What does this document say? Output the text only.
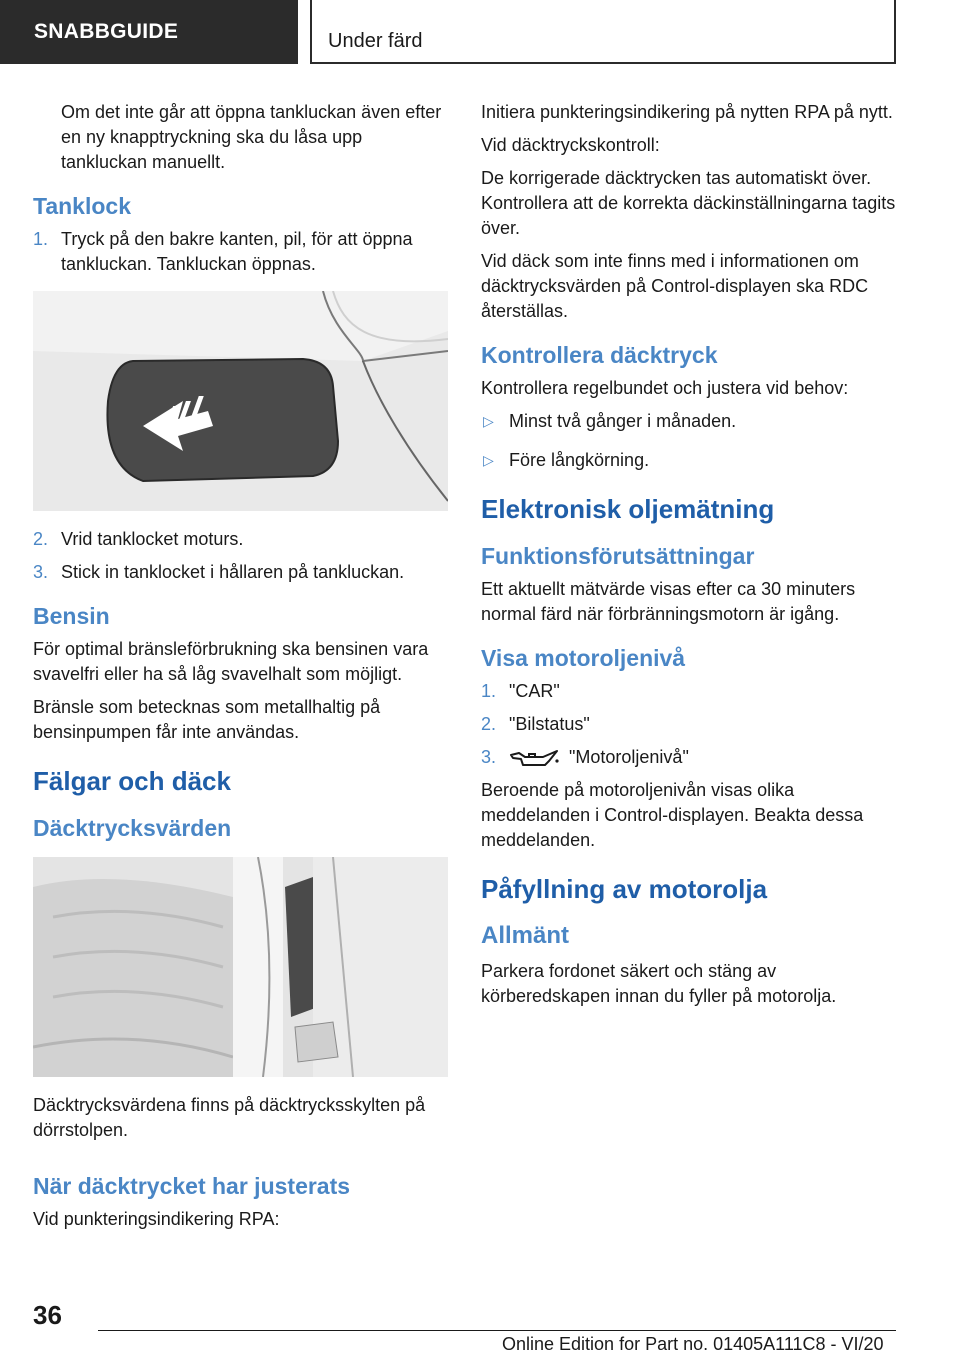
SNABBGUIDE	Under färd

Om det inte går att öppna tankluckan även efter en ny knapptryckning ska du låsa upp tankluckan manuellt.

Tanklock
1. Tryck på den bakre kanten, pil, för att öppna tankluckan. Tankluckan öppnas.
2. Vrid tanklocket moturs.
3. Stick in tanklocket i hållaren på tankluckan.
Bensin

För optimal bränsleförbrukning ska bensinen vara svavelfri eller ha så låg svavelhalt som möjligt.

Bränsle som betecknas som metallhaltig på bensinpumpen får inte användas.

Fälgar och däck
Däcktrycksvärden

Däcktrycksvärdena finns på däcktrycksskylten på dörrstolpen.

När däcktrycket har justerats

Vid punkteringsindikering RPA:

Initiera punkteringsindikering på nytten RPA på nytt.

Vid däcktryckskontroll:

De korrigerade däcktrycken tas automatiskt över. Kontrollera att de korrekta däckinställningarna tagits över.

Vid däck som inte finns med i informationen om däcktrycksvärden på Control-displayen ska RDC återställas.

Kontrollera däcktryck

Kontrollera regelbundet och justera vid behov:

▷ Minst två gånger i månaden.
▷ Före långkörning.
Elektronisk oljemätning
Funktionsförutsättningar

Ett aktuellt mätvärde visas efter ca 30 minuters normal färd när förbränningsmotorn är igång.

Visa motoroljenivå
1. "CAR"
2. "Bilstatus"
3.	"Motoroljenivå"

Beroende på motoroljenivån visas olika meddelanden i Control-displayen. Beakta dessa meddelanden.

Påfyllning av motorolja
Allmänt

Parkera fordonet säkert och stäng av körberedskapen innan du fyller på motorolja.

36
Online Edition for Part no. 01405A111C8 - VI/20
